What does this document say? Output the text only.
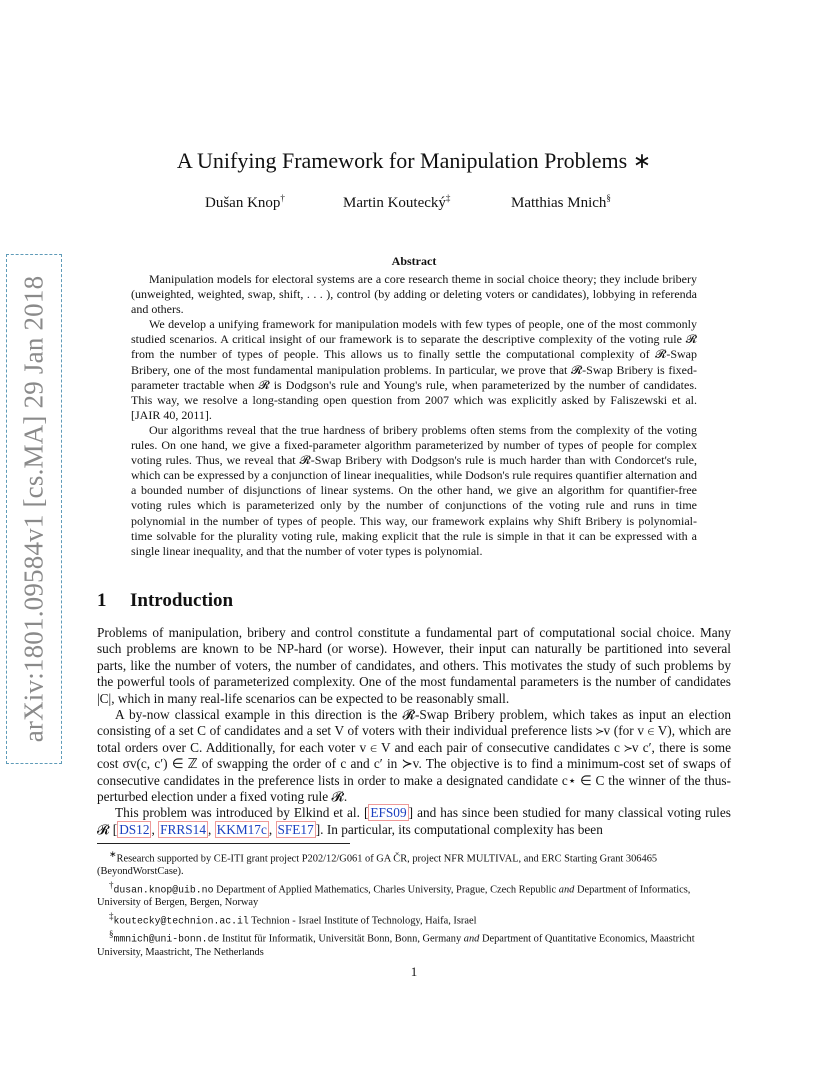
arXiv:1801.09584v1 [cs.MA] 29 Jan 2018
A Unifying Framework for Manipulation Problems ∗
Dušan Knop†	Martin Koutecký‡	Matthias Mnich§
Abstract

Manipulation models for electoral systems are a core research theme in social choice theory; they include bribery (unweighted, weighted, swap, shift, . . . ), control (by adding or deleting voters or candidates), lobbying in referenda and others.

We develop a unifying framework for manipulation models with few types of people, one of the most commonly studied scenarios. A critical insight of our framework is to separate the descriptive complexity of the voting rule 𝓡 from the number of types of people. This allows us to finally settle the computational complexity of 𝓡-Swap Bribery, one of the most fundamental manipulation problems. In particular, we prove that 𝓡-Swap Bribery is fixed-parameter tractable when 𝓡 is Dodgson's rule and Young's rule, when parameterized by the number of candidates. This way, we resolve a long-standing open question from 2007 which was explicitly asked by Faliszewski et al. [JAIR 40, 2011].

Our algorithms reveal that the true hardness of bribery problems often stems from the complexity of the voting rules. On one hand, we give a fixed-parameter algorithm parameterized by number of types of people for complex voting rules. Thus, we reveal that 𝓡-Swap Bribery with Dodgson's rule is much harder than with Condorcet's rule, which can be expressed by a conjunction of linear inequalities, while Dodson's rule requires quantifier alternation and a bounded number of disjunctions of linear systems. On the other hand, we give an algorithm for quantifier-free voting rules which is parameterized only by the number of conjunctions of the voting rule and runs in time polynomial in the number of types of people. This way, our framework explains why Shift Bribery is polynomial-time solvable for the plurality voting rule, making explicit that the rule is simple in that it can be expressed with a single linear inequality, and that the number of voter types is polynomial.

1 Introduction

Problems of manipulation, bribery and control constitute a fundamental part of computational social choice. Many such problems are known to be NP-hard (or worse). However, their input can naturally be partitioned into several parts, like the number of voters, the number of candidates, and others. This motivates the study of such problems by the powerful tools of parameterized complexity. One of the most fundamental parameters is the number of candidates |C|, which in many real-life scenarios can be expected to be reasonably small.

A by-now classical example in this direction is the 𝓡-Swap Bribery problem, which takes as input an election consisting of a set C of candidates and a set V of voters with their individual preference lists ≻v (for v ∈ V), which are total orders over C. Additionally, for each voter v ∈ V and each pair of consecutive candidates c ≻v c′, there is some cost σv(c, c′) ∈ ℤ of swapping the order of c and c′ in ≻v. The objective is to find a minimum-cost set of swaps of consecutive candidates in the preference lists in order to make a designated candidate c⋆ ∈ C the winner of the thus-perturbed election under a fixed voting rule 𝓡.

This problem was introduced by Elkind et al. [ EFS09 ] and has since been studied for many classical voting rules 𝓡 [ DS12 , FRRS14 , KKM17c , SFE17 ]. In particular, its computational complexity has been

∗Research supported by CE-ITI grant project P202/12/G061 of GA ČR, project NFR MULTIVAL, and ERC Starting Grant 306465 (BeyondWorstCase).

†dusan.knop@uib.no Department of Applied Mathematics, Charles University, Prague, Czech Republic and Department of Informatics, University of Bergen, Bergen, Norway

‡koutecky@technion.ac.il Technion - Israel Institute of Technology, Haifa, Israel

§mmnich@uni-bonn.de Institut für Informatik, Universität Bonn, Bonn, Germany and Department of Quantitative Economics, Maastricht University, Maastricht, The Netherlands

1
